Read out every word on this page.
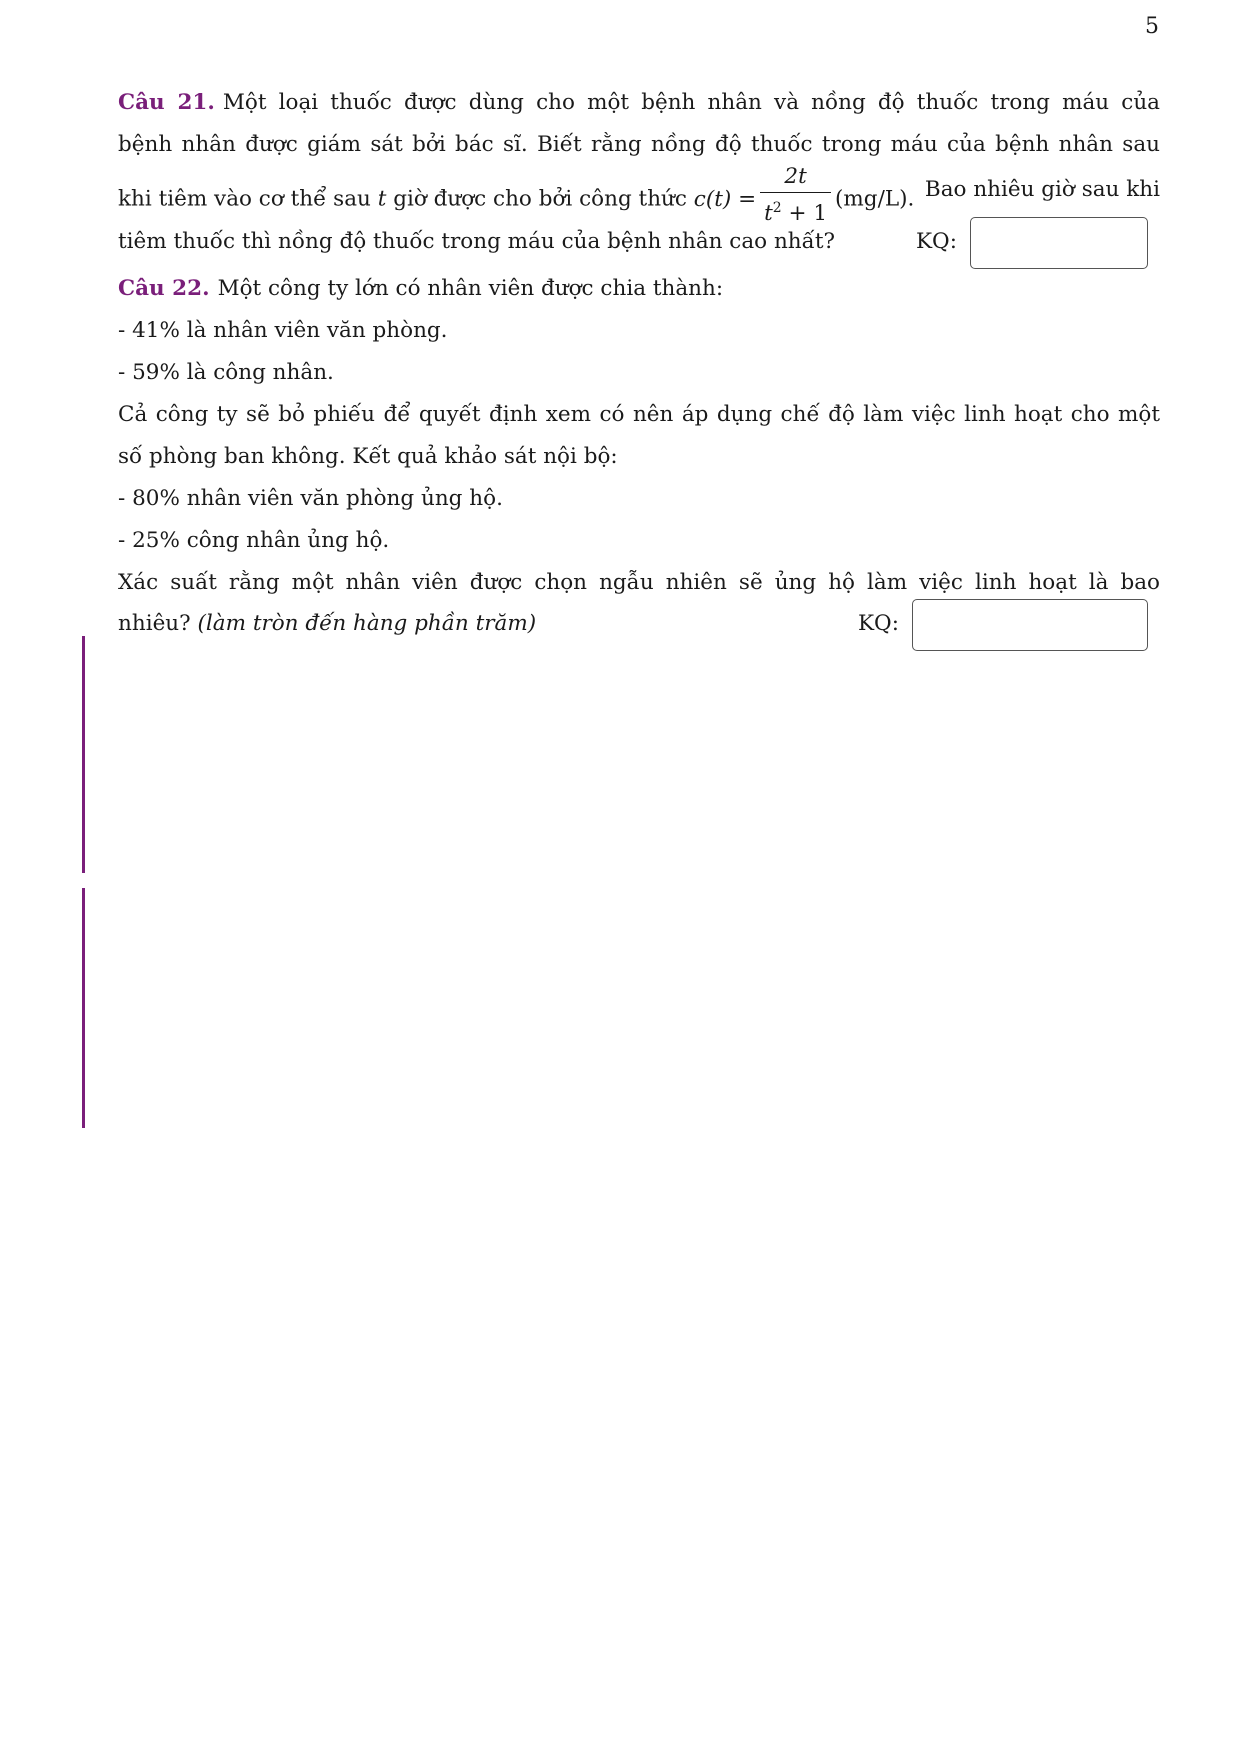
5
Câu 21. Một loại thuốc được dùng cho một bệnh nhân và nồng độ thuốc trong máu của
bệnh nhân được giám sát bởi bác sĩ. Biết rằng nồng độ thuốc trong máu của bệnh nhân sau
khi tiêm vào cơ thể sau t giờ được cho bởi công thức $c(t) = \frac{2t}{t^2 + 1} (mg/L)$. Bao nhiêu giờ sau khi
tiêm thuốc thì nồng độ thuốc trong máu của bệnh nhân cao nhất?	KQ:
Câu 22. Một công ty lớn có nhân viên được chia thành:
- 41% là nhân viên văn phòng.
- 59% là công nhân.
Cả công ty sẽ bỏ phiếu để quyết định xem có nên áp dụng chế độ làm việc linh hoạt cho một
số phòng ban không. Kết quả khảo sát nội bộ:
- 80% nhân viên văn phòng ủng hộ.
- 25% công nhân ủng hộ.
Xác suất rằng một nhân viên được chọn ngẫu nhiên sẽ ủng hộ làm việc linh hoạt là bao
nhiêu? (làm tròn đến hàng phần trăm)	KQ:
